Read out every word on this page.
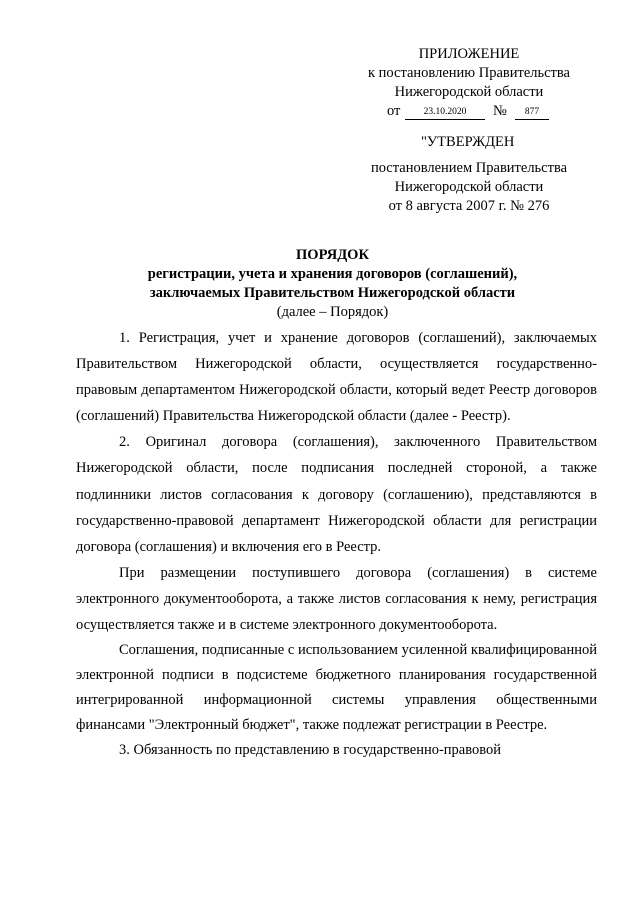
ПРИЛОЖЕНИЕ
к постановлению Правительства
Нижегородской области
от	23.10.2020	№	877
"УТВЕРЖДЕН
постановлением Правительства
Нижегородской области
от 8 августа 2007 г. № 276
ПОРЯДОК
регистрации, учета и хранения договоров (соглашений),
заключаемых Правительством Нижегородской области
(далее – Порядок)

1. Регистрация, учет и хранение договоров (соглашений), заключаемых Правительством Нижегородской области, осуществляется государственно-правовым департаментом Нижегородской области, который ведет Реестр договоров (соглашений) Правительства Нижегородской области (далее - Реестр).

2. Оригинал договора (соглашения), заключенного Правительством Нижегородской области, после подписания последней стороной, а также подлинники листов согласования к договору (соглашению), представляются в государственно-правовой департамент Нижегородской области для регистрации договора (соглашения) и включения его в Реестр.

При размещении поступившего договора (соглашения) в системе электронного документооборота, а также листов согласования к нему, регистрация осуществляется также и в системе электронного документооборота.

Соглашения, подписанные с использованием усиленной квалифицированной электронной подписи в подсистеме бюджетного планирования государственной интегрированной информационной системы управления общественными финансами "Электронный бюджет", также подлежат регистрации в Реестре.

3. Обязанность по представлению в государственно-правовой
